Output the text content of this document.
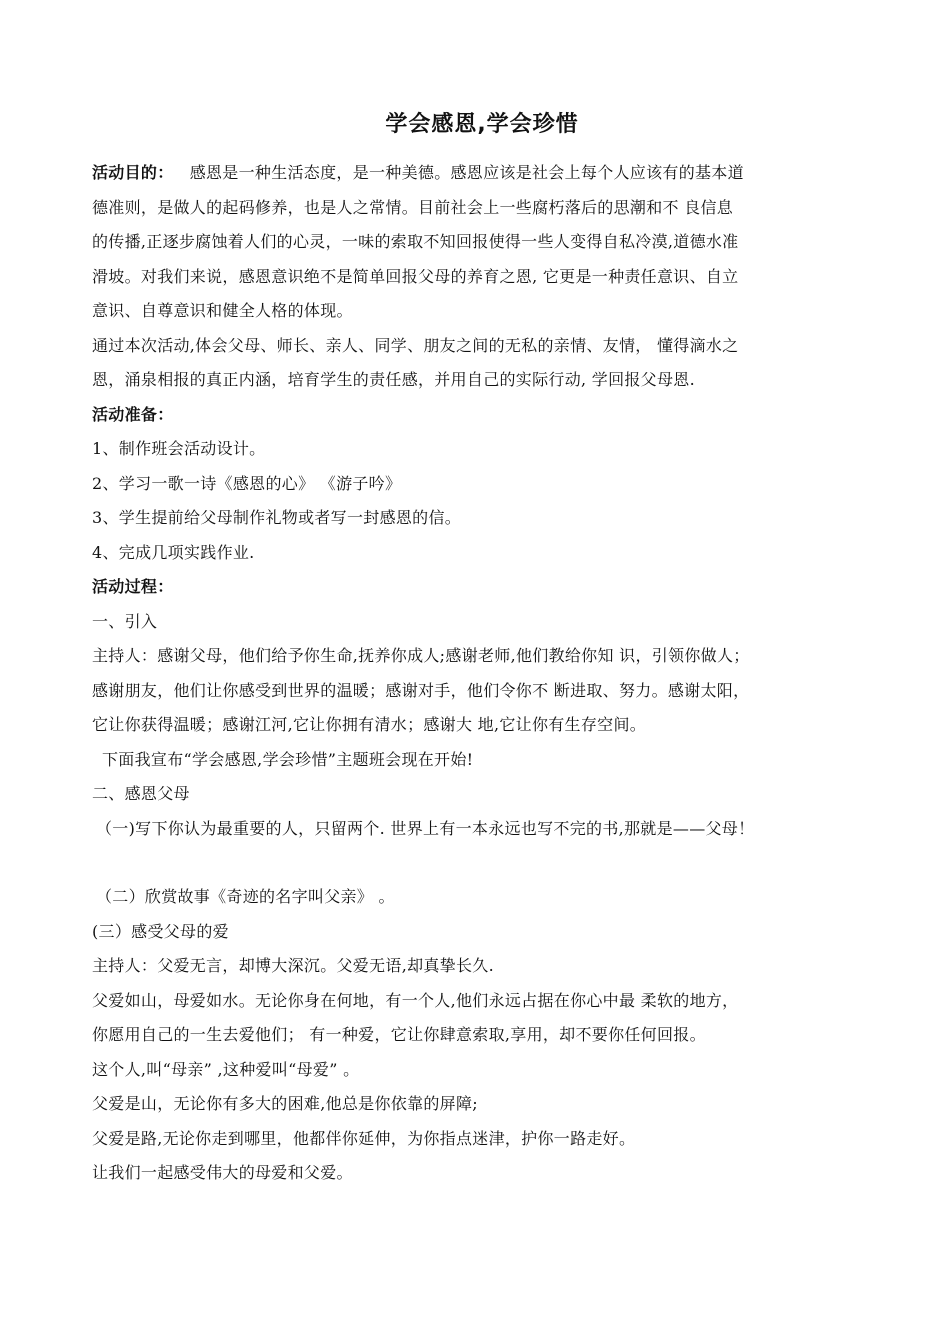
学会感恩,学会珍惜

活动目的： 感恩是一种生活态度，是一种美德。感恩应该是社会上每个人应该有的基本道

德准则，是做人的起码修养，也是人之常情。目前社会上一些腐朽落后的思潮和不 良信息

的传播,正逐步腐蚀着人们的心灵，一味的索取不知回报使得一些人变得自私冷漠,道德水准

滑坡。对我们来说，感恩意识绝不是简单回报父母的养育之恩, 它更是一种责任意识、自立

意识、自尊意识和健全人格的体现。

通过本次活动,体会父母、师长、亲人、同学、朋友之间的无私的亲情、友情， 懂得滴水之

恩，涌泉相报的真正内涵，培育学生的责任感，并用自己的实际行动, 学回报父母恩.

活动准备：

1、制作班会活动设计。

2、学习一歌一诗《感恩的心》 《游子吟》

3、学生提前给父母制作礼物或者写一封感恩的信。

4、完成几项实践作业.

活动过程：

一、引入

主持人：感谢父母，他们给予你生命,抚养你成人;感谢老师,他们教给你知 识，引领你做人；

感谢朋友，他们让你感受到世界的温暖；感谢对手，他们令你不 断进取、努力。感谢太阳，

它让你获得温暖；感谢江河,它让你拥有清水；感谢大 地,它让你有生存空间。

下面我宣布“学会感恩,学会珍惜”主题班会现在开始!

二、感恩父母

（一)写下你认为最重要的人，只留两个. 世界上有一本永远也写不完的书,那就是——父母！

（二）欣赏故事《奇迹的名字叫父亲》 。

(三）感受父母的爱

主持人：父爱无言，却博大深沉。父爱无语,却真挚长久.

父爱如山，母爱如水。无论你身在何地，有一个人,他们永远占据在你心中最 柔软的地方，

你愿用自己的一生去爱他们； 有一种爱，它让你肆意索取,享用，却不要你任何回报。

这个人,叫“母亲” ,这种爱叫“母爱” 。

父爱是山，无论你有多大的困难,他总是你依靠的屏障;

父爱是路,无论你走到哪里，他都伴你延伸，为你指点迷津，护你一路走好。

让我们一起感受伟大的母爱和父爱。
